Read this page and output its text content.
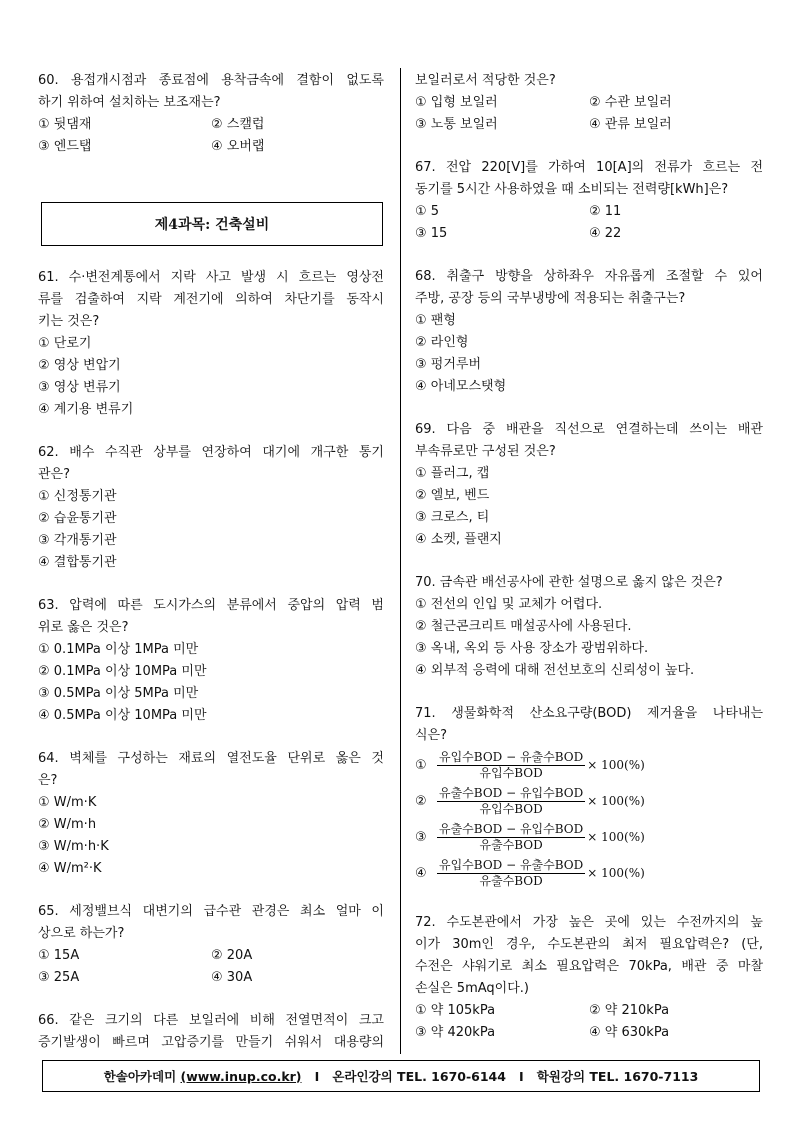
60. 용접개시점과 종료점에 용착금속에 결함이 없도록
하기 위하여 설치하는 보조재는?
① 뒷댐재	② 스캘럽
③ 엔드탭	④ 오버랩
제4과목: 건축설비
61. 수·변전계통에서 지락 사고 발생 시 흐르는 영상전
류를 검출하여 지락 계전기에 의하여 차단기를 동작시
키는 것은?
① 단로기
② 영상 변압기
③ 영상 변류기
④ 계기용 변류기
62. 배수 수직관 상부를 연장하여 대기에 개구한 통기
관은?
① 신정통기관
② 습윤통기관
③ 각개통기관
④ 결합통기관
63. 압력에 따른 도시가스의 분류에서 중압의 압력 범
위로 옳은 것은?
① 0.1MPa 이상 1MPa 미만
② 0.1MPa 이상 10MPa 미만
③ 0.5MPa 이상 5MPa 미만
④ 0.5MPa 이상 10MPa 미만
64. 벽체를 구성하는 재료의 열전도율 단위로 옳은 것
은?
① W/m·K
② W/m·h
③ W/m·h·K
④ W/m²·K
65. 세정밸브식 대변기의 급수관 관경은 최소 얼마 이
상으로 하는가?
① 15A	② 20A
③ 25A	④ 30A
66. 같은 크기의 다른 보일러에 비해 전열면적이 크고
증기발생이 빠르며 고압증기를 만들기 쉬워서 대용량의
보일러로서 적당한 것은?
① 입형 보일러	② 수관 보일러
③ 노통 보일러	④ 관류 보일러
67. 전압 220[V]를 가하여 10[A]의 전류가 흐르는 전
동기를 5시간 사용하였을 때 소비되는 전력량[kWh]은?
① 5	② 11
③ 15	④ 22
68. 취출구 방향을 상하좌우 자유롭게 조절할 수 있어
주방, 공장 등의 국부냉방에 적용되는 취출구는?
① 팬형
② 라인형
③ 펑거루버
④ 아네모스탯형
69. 다음 중 배관을 직선으로 연결하는데 쓰이는 배관
부속류로만 구성된 것은?
① 플러그, 캡
② 엘보, 벤드
③ 크로스, 티
④ 소켓, 플랜지
70. 금속관 배선공사에 관한 설명으로 옳지 않은 것은?
① 전선의 인입 및 교체가 어렵다.
② 철근콘크리트 매설공사에 사용된다.
③ 옥내, 옥외 등 사용 장소가 광범위하다.
④ 외부적 응력에 대해 전선보호의 신뢰성이 높다.
71. 생물화학적 산소요구량(BOD) 제거율을 나타내는
식은?
① $\frac{\text{유입수BOD − 유출수BOD}}{\text{유입수BOD}} \times 100(\%)$
② $\frac{\text{유출수BOD − 유입수BOD}}{\text{유입수BOD}} \times 100(\%)$
③ $\frac{\text{유출수BOD − 유입수BOD}}{\text{유출수BOD}} \times 100(\%)$
④ $\frac{\text{유입수BOD − 유출수BOD}}{\text{유출수BOD}} \times 100(\%)$
72. 수도본관에서 가장 높은 곳에 있는 수전까지의 높
이가 30m인 경우, 수도본관의 최저 필요압력은? (단,
수전은 샤워기로 최소 필요압력은 70kPa, 배관 중 마찰
손실은 5mAq이다.)
① 약 105kPa	② 약 210kPa
③ 약 420kPa	④ 약 630kPa
한솔아카데미
(www.inup.co.kr)
I
온라인강의 TEL. 1670-6144
I
학원강의 TEL. 1670-7113
